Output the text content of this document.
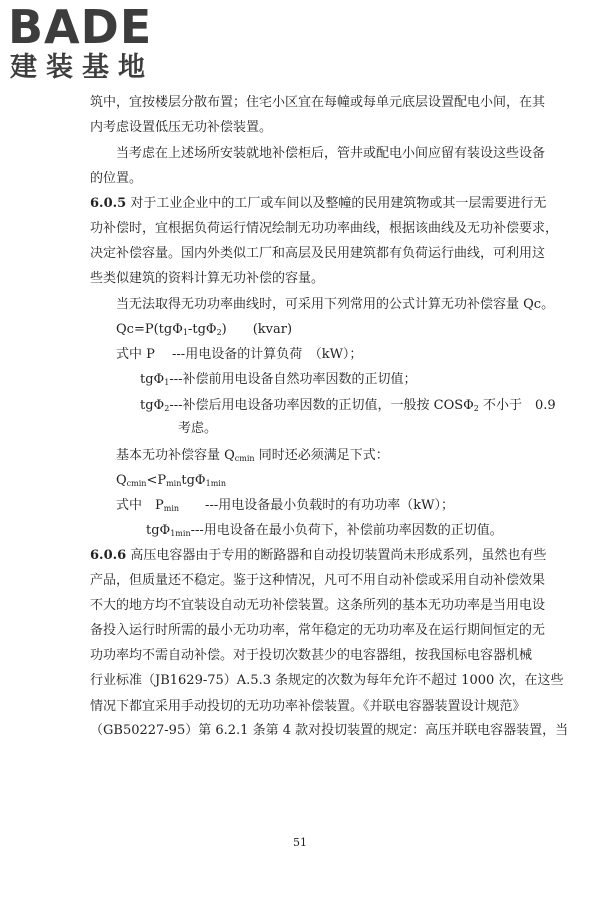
BADE
建装基地
筑中，宜按楼层分散布置；住宅小区宜在每幢或每单元底层设置配电小间，在其
内考虑设置低压无功补偿装置。
当考虑在上述场所安装就地补偿柜后，管井或配电小间应留有装设这些设备
的位置。
6.0.5 对于工业企业中的工厂或车间以及整幢的民用建筑物或其一层需要进行无
功补偿时，宜根据负荷运行情况绘制无功功率曲线，根据该曲线及无功补偿要求，
决定补偿容量。国内外类似工厂和高层及民用建筑都有负荷运行曲线，可利用这
些类似建筑的资料计算无功补偿的容量。
当无法取得无功功率曲线时，可采用下列常用的公式计算无功补偿容量 Qc。
Qc=P(tgΦ$_1$-tgΦ$_2$) (kvar)
式中 P　 ---用电设备的计算负荷　（kW）；
tgΦ$_1$---补偿前用电设备自然功率因数的正切值；
tgΦ$_2$---补偿后用电设备功率因数的正切值，一般按 $COS\Phi_2$ 不小于　0.9
考虑。
基本无功补偿容量 $Q_{cmin}$ 同时还必须满足下式：
$Q_{cmin}<P_{min}tg\Phi_{1min}$
式中　$P_{min}$　　---用电设备最小负载时的有功功率（kW）；
tgΦ$_{1min}$---用电设备在最小负荷下，补偿前功率因数的正切值。
6.0.6 高压电容器由于专用的断路器和自动投切装置尚未形成系列，虽然也有些
产品，但质量还不稳定。鉴于这种情况，凡可不用自动补偿或采用自动补偿效果
不大的地方均不宜装设自动无功补偿装置。这条所列的基本无功功率是当用电设
备投入运行时所需的最小无功功率，常年稳定的无功功率及在运行期间恒定的无
功功率均不需自动补偿。对于投切次数甚少的电容器组，按我国标电容器机械
行业标准（JB1629-75）A.5.3 条规定的次数为每年允许不超过 1000 次，在这些
情况下都宜采用手动投切的无功功率补偿装置。《并联电容器装置设计规范》
（GB50227-95）第 6.2.1 条第 4 款对投切装置的规定：高压并联电容器装置，当
51
